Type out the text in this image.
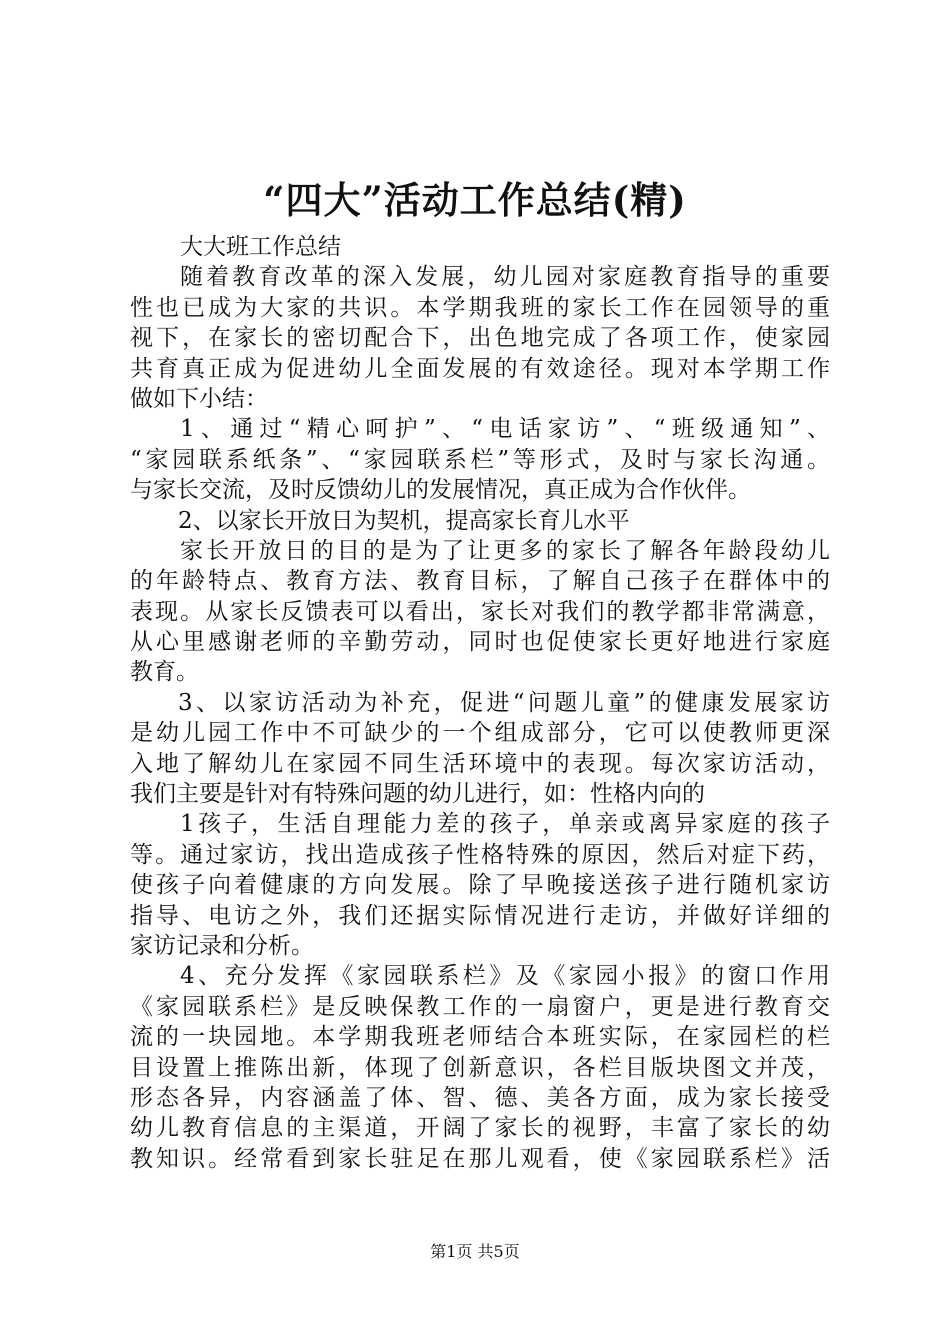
“四大”活动工作总结(精)
大大班工作总结
随着教育改革的深入发展，幼儿园对家庭教育指导的重要
性也已成为大家的共识。本学期我班的家长工作在园领导的重
视下，在家长的密切配合下，出色地完成了各项工作，使家园
共育真正成为促进幼儿全面发展的有效途径。现对本学期工作
做如下小结：
1、通过“精心呵护”、“电话家访”、“班级通知”、
“家园联系纸条”、“家园联系栏”等形式，及时与家长沟通。
与家长交流，及时反馈幼儿的发展情况，真正成为合作伙伴。
2、以家长开放日为契机，提高家长育儿水平
家长开放日的目的是为了让更多的家长了解各年龄段幼儿
的年龄特点、教育方法、教育目标，了解自己孩子在群体中的
表现。从家长反馈表可以看出，家长对我们的教学都非常满意，
从心里感谢老师的辛勤劳动，同时也促使家长更好地进行家庭
教育。
3、以家访活动为补充，促进“问题儿童”的健康发展家访
是幼儿园工作中不可缺少的一个组成部分，它可以使教师更深
入地了解幼儿在家园不同生活环境中的表现。每次家访活动，
我们主要是针对有特殊问题的幼儿进行，如：性格内向的
1孩子，生活自理能力差的孩子，单亲或离异家庭的孩子
等。通过家访，找出造成孩子性格特殊的原因，然后对症下药，
使孩子向着健康的方向发展。除了早晚接送孩子进行随机家访
指导、电访之外，我们还据实际情况进行走访，并做好详细的
家访记录和分析。
4、充分发挥《家园联系栏》及《家园小报》的窗口作用
《家园联系栏》是反映保教工作的一扇窗户，更是进行教育交
流的一块园地。本学期我班老师结合本班实际，在家园栏的栏
目设置上推陈出新，体现了创新意识，各栏目版块图文并茂，
形态各异，内容涵盖了体、智、德、美各方面，成为家长接受
幼儿教育信息的主渠道，开阔了家长的视野，丰富了家长的幼
教知识。经常看到家长驻足在那儿观看，使《家园联系栏》活
第1页 共5页
